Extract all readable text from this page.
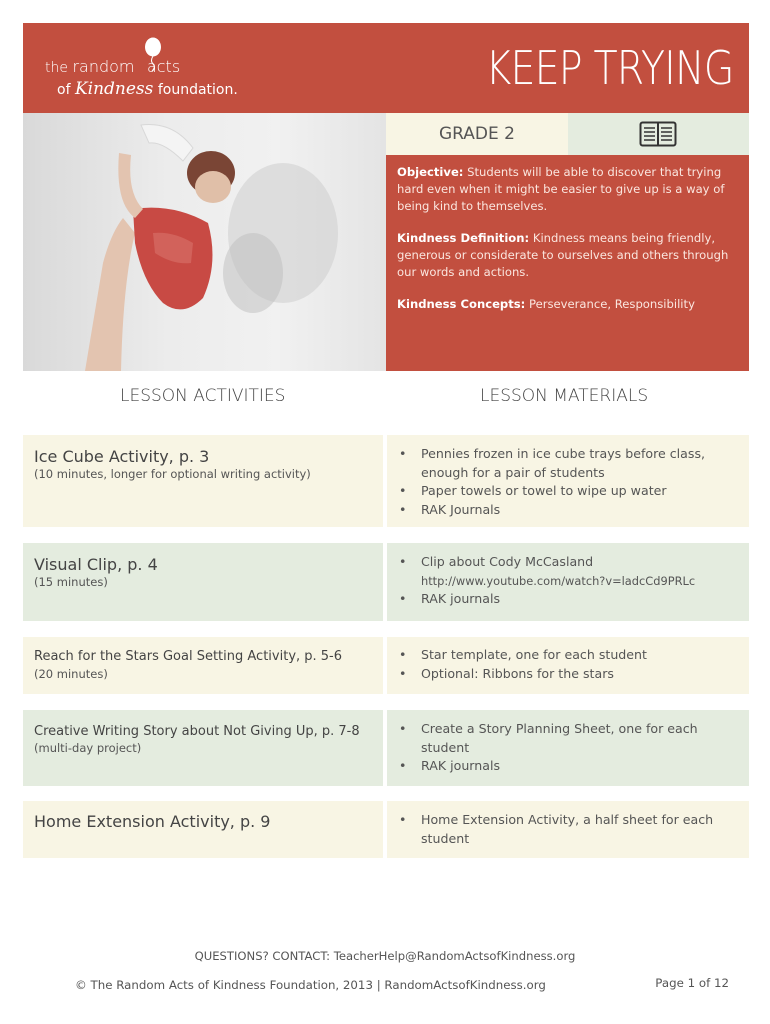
the random acts
of Kindness foundation.	KEEP TRYING
GRADE 2

Objective: Students will be able to discover that trying hard even when it might be easier to give up is a way of being kind to themselves.

Kindness Definition: Kindness means being friendly, generous or considerate to ourselves and others through our words and actions.

Kindness Concepts: Perseverance, Responsibility

LESSON ACTIVITIES	LESSON MATERIALS
Ice Cube Activity, p. 3
(10 minutes, longer for optional writing activity)
• Pennies frozen in ice cube trays before class,
enough for a pair of students
• Paper towels or towel to wipe up water
• RAK Journals
Visual Clip, p. 4
(15 minutes)
• Clip about Cody McCasland
http://www.youtube.com/watch?v=ladcCd9PRLc
• RAK journals
Reach for the Stars Goal Setting Activity, p. 5-6
(20 minutes)
• Star template, one for each student
• Optional: Ribbons for the stars
Creative Writing Story about Not Giving Up, p. 7-8
(multi-day project)
• Create a Story Planning Sheet, one for each
student
• RAK journals
Home Extension Activity, p. 9
•	Home Extension Activity, a half sheet for each
student
QUESTIONS? CONTACT: TeacherHelp@RandomActsofKindness.org
© The Random Acts of Kindness Foundation, 2013 | RandomActsofKindness.org	Page 1 of 12
